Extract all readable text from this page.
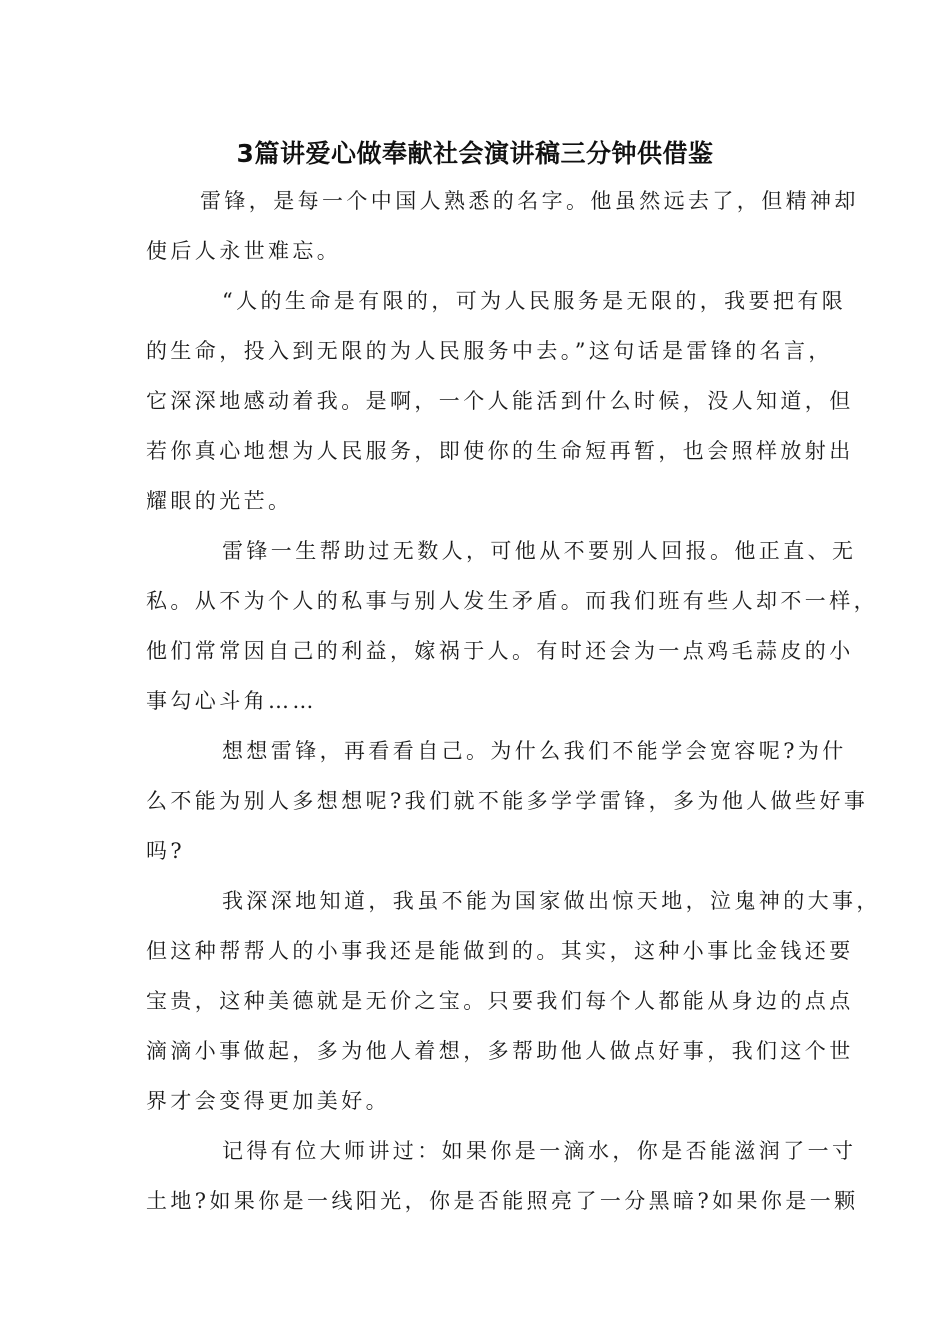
3篇讲爱心做奉献社会演讲稿三分钟供借鉴
雷锋，是每一个中国人熟悉的名字。他虽然远去了，但精神却
使后人永世难忘。
“人的生命是有限的，可为人民服务是无限的，我要把有限
的生命，投入到无限的为人民服务中去。”这句话是雷锋的名言，
它深深地感动着我。是啊，一个人能活到什么时候，没人知道，但
若你真心地想为人民服务，即使你的生命短再暂，也会照样放射出
耀眼的光芒。
雷锋一生帮助过无数人，可他从不要别人回报。他正直、无
私。从不为个人的私事与别人发生矛盾。而我们班有些人却不一样，
他们常常因自己的利益，嫁祸于人。有时还会为一点鸡毛蒜皮的小
事勾心斗角……
想想雷锋，再看看自己。为什么我们不能学会宽容呢?为什
么不能为别人多想想呢?我们就不能多学学雷锋，多为他人做些好事
吗?
我深深地知道，我虽不能为国家做出惊天地，泣鬼神的大事，
但这种帮帮人的小事我还是能做到的。其实，这种小事比金钱还要
宝贵，这种美德就是无价之宝。只要我们每个人都能从身边的点点
滴滴小事做起，多为他人着想，多帮助他人做点好事，我们这个世
界才会变得更加美好。
记得有位大师讲过：如果你是一滴水，你是否能滋润了一寸
土地?如果你是一线阳光，你是否能照亮了一分黑暗?如果你是一颗
